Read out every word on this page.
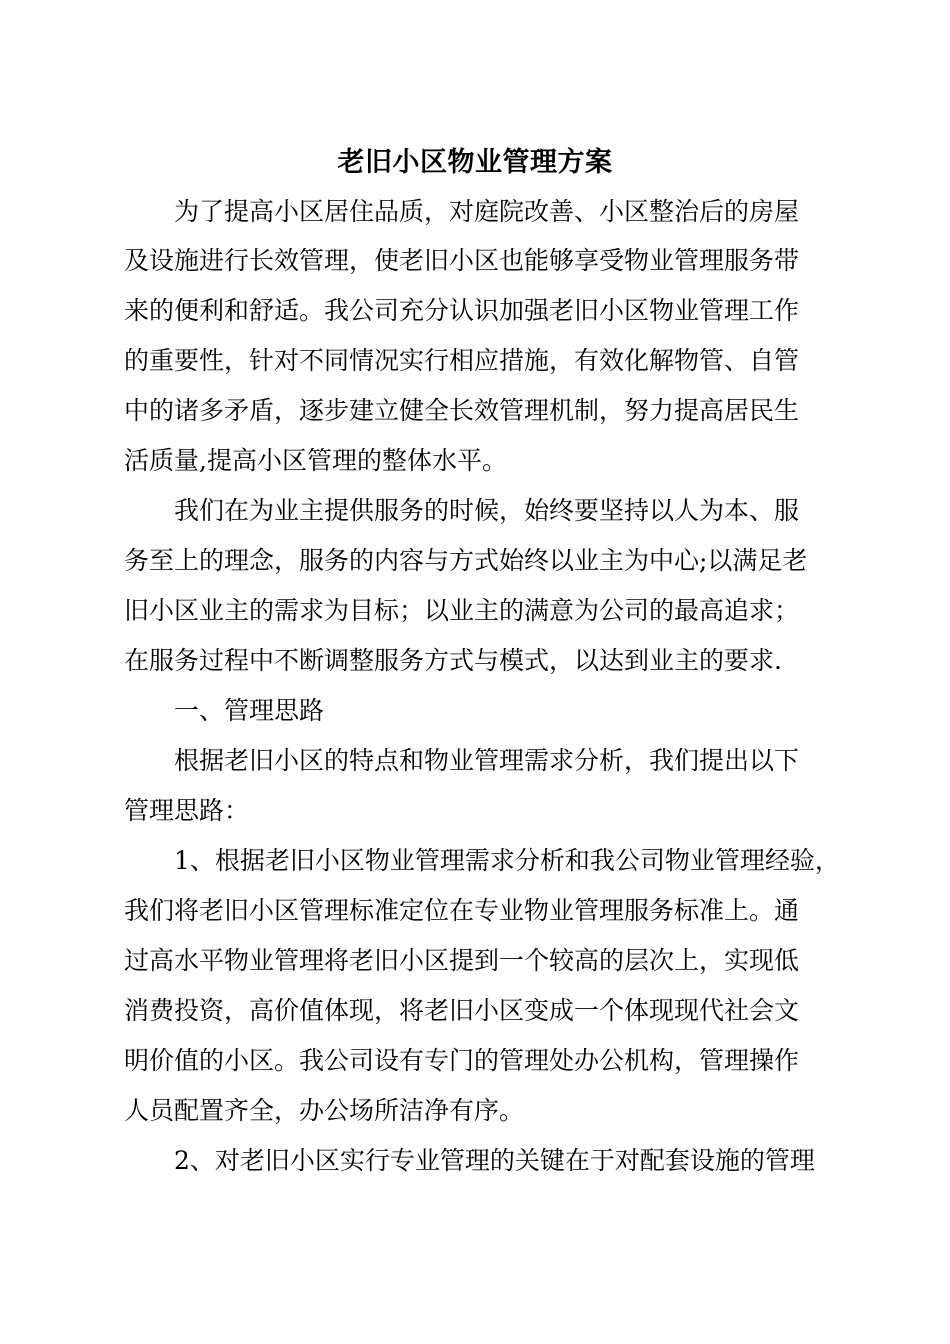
老旧小区物业管理方案
为了提高小区居住品质，对庭院改善、小区整治后的房屋
及设施进行长效管理，使老旧小区也能够享受物业管理服务带
来的便利和舒适。我公司充分认识加强老旧小区物业管理工作
的重要性，针对不同情况实行相应措施，有效化解物管、自管
中的诸多矛盾，逐步建立健全长效管理机制，努力提高居民生
活质量,提高小区管理的整体水平。
我们在为业主提供服务的时候，始终要坚持以人为本、服
务至上的理念，服务的内容与方式始终以业主为中心;以满足老
旧小区业主的需求为目标；以业主的满意为公司的最高追求；
在服务过程中不断调整服务方式与模式，以达到业主的要求.
一、管理思路
根据老旧小区的特点和物业管理需求分析，我们提出以下
管理思路：
1、根据老旧小区物业管理需求分析和我公司物业管理经验，
我们将老旧小区管理标准定位在专业物业管理服务标准上。通
过高水平物业管理将老旧小区提到一个较高的层次上，实现低
消费投资，高价值体现，将老旧小区变成一个体现现代社会文
明价值的小区。我公司设有专门的管理处办公机构，管理操作
人员配置齐全，办公场所洁净有序。
2、对老旧小区实行专业管理的关键在于对配套设施的管理
